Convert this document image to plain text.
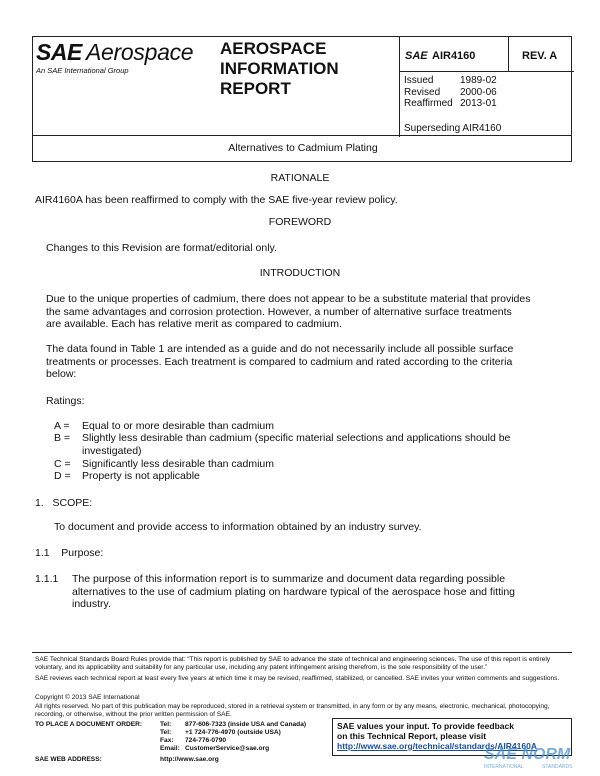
SAE Aerospace
An SAE International Group
AEROSPACE
INFORMATION
REPORT
SAE AIR4160	REV. A
Issued	1989-02
Revised 2000-06
Reaffirmed 2013-01
Superseding AIR4160
Alternatives to Cadmium Plating
RATIONALE
AIR4160A has been reaffirmed to comply with the SAE five-year review policy.
FOREWORD
Changes to this Revision are format/editorial only.
INTRODUCTION
Due to the unique properties of cadmium, there does not appear to be a substitute material that provides
the same advantages and corrosion protection. However, a number of alternative surface treatments
are available. Each has relative merit as compared to cadmium.
The data found in Table 1 are intended as a guide and do not necessarily include all possible surface
treatments or processes. Each treatment is compared to cadmium and rated according to the criteria
below:
Ratings:
A = Equal to or more desirable than cadmium
B = Slightly less desirable than cadmium (specific material selections and applications should be
investigated)
C = Significantly less desirable than cadmium
D = Property is not applicable
1.   SCOPE:
To document and provide access to information obtained by an industry survey.
1.1    Purpose:
1.1.1 The purpose of this information report is to summarize and document data regarding possible
alternatives to the use of cadmium plating on hardware typical of the aerospace hose and fitting
industry.
SAE Technical Standards Board Rules provide that: “This report is published by SAE to advance the state of technical and engineering sciences. The use of this report is entirely voluntary, and its applicability and suitability for any particular use, including any patent infringement arising therefrom, is the sole responsibility of the user.”
SAE reviews each technical report at least every five years at which time it may be revised, reaffirmed, stabilized, or cancelled. SAE invites your written comments and suggestions.
Copyright © 2013 SAE International
All rights reserved. No part of this publication may be reproduced, stored in a retrieval system or transmitted, in any form or by any means, electronic, mechanical, photocopying, recording, or otherwise, without the prior written permission of SAE.
TO PLACE A DOCUMENT ORDER:	Tel: 877-606-7323 (inside USA and Canada)
Tel: +1 724-776-4970 (outside USA)
Fax: 724-776-0790
Email: CustomerService@sae.org
SAE WEB ADDRESS:	http://www.sae.org
SAE values your input. To provide feedback
on this Technical Report, please visit
http://www.sae.org/technical/standards/AIR4160A
SAE NORM
INTERNATIONAL	STANDARDS
